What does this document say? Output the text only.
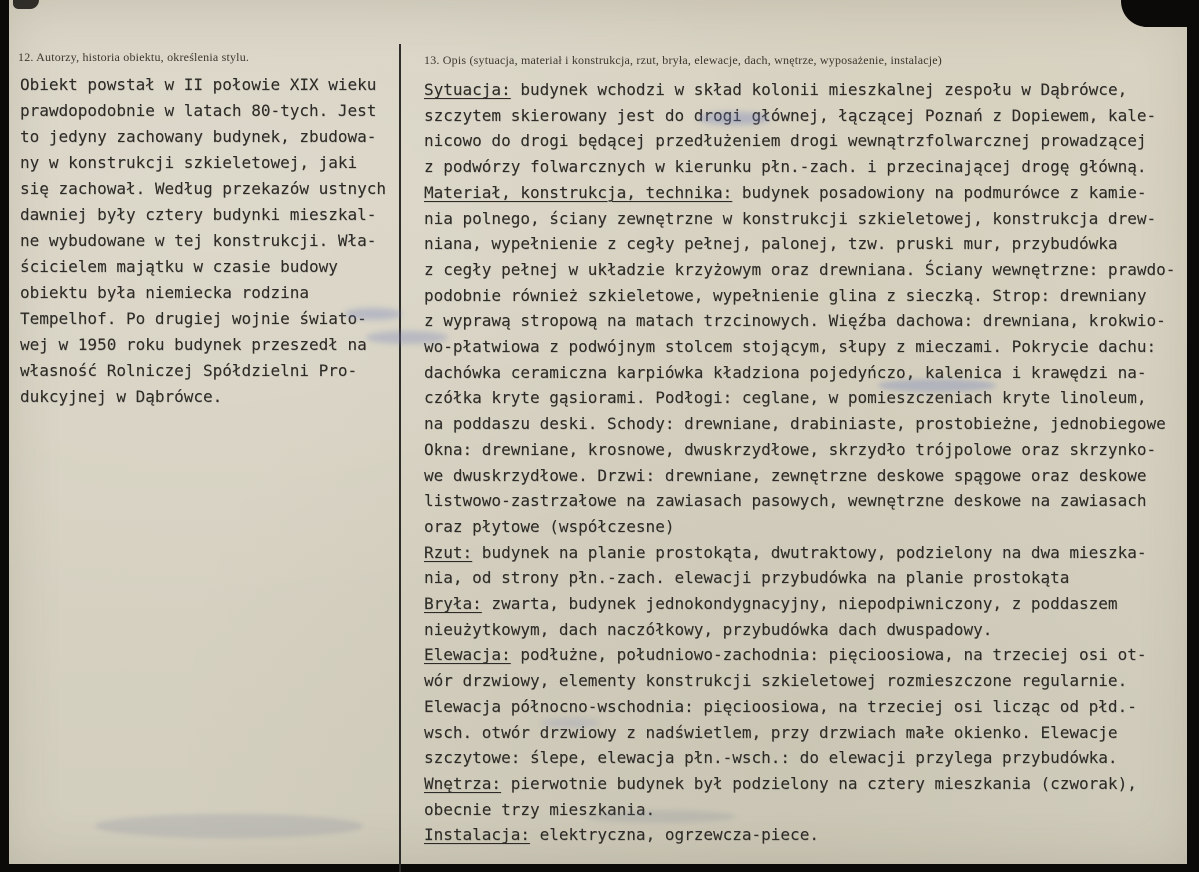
12. Autorzy, historia obiektu, określenia stylu.
Obiekt powstał w II połowie XIX wieku
prawdopodobnie w latach 80-tych. Jest
to jedyny zachowany budynek, zbudowa-
ny w konstrukcji szkieletowej, jaki
się zachował. Według przekazów ustnych
dawniej były cztery budynki mieszkal-
ne wybudowane w tej konstrukcji. Wła-
ścicielem majątku w czasie budowy
obiektu była niemiecka rodzina
Tempelhof. Po drugiej wojnie świato-
wej w 1950 roku budynek przeszedł na
własność Rolniczej Spółdzielni Pro-
dukcyjnej w Dąbrówce.
13. Opis (sytuacja, materiał i konstrukcja, rzut, bryła, elewacje, dach, wnętrze, wyposażenie, instalacje)
Sytuacja: budynek wchodzi w skład kolonii mieszkalnej zespołu w Dąbrówce,
szczytem skierowany jest do drogi głównej, łączącej Poznań z Dopiewem, kale-
nicowo do drogi będącej przedłużeniem drogi wewnątrzfolwarcznej prowadzącej
z podwórzy folwarcznych w kierunku płn.-zach. i przecinającej drogę główną.
Materiał, konstrukcja, technika: budynek posadowiony na podmurówce z kamie-
nia polnego, ściany zewnętrzne w konstrukcji szkieletowej, konstrukcja drew-
niana, wypełnienie z cegły pełnej, palonej, tzw. pruski mur, przybudówka
z cegły pełnej w układzie krzyżowym oraz drewniana. Ściany wewnętrzne: prawdo-
podobnie również szkieletowe, wypełnienie glina z sieczką. Strop: drewniany
z wyprawą stropową na matach trzcinowych. Więźba dachowa: drewniana, krokwio-
wo-płatwiowa z podwójnym stolcem stojącym, słupy z mieczami. Pokrycie dachu:
dachówka ceramiczna karpiówka kładziona pojedyńczo, kalenica i krawędzi na-
czółka kryte gąsiorami. Podłogi: ceglane, w pomieszczeniach kryte linoleum,
na poddaszu deski. Schody: drewniane, drabiniaste, prostobieżne, jednobiegowe
Okna: drewniane, krosnowe, dwuskrzydłowe, skrzydło trójpolowe oraz skrzynko-
we dwuskrzydłowe. Drzwi: drewniane, zewnętrzne deskowe spągowe oraz deskowe
listwowo-zastrzałowe na zawiasach pasowych, wewnętrzne deskowe na zawiasach
oraz płytowe (współczesne)
Rzut: budynek na planie prostokąta, dwutraktowy, podzielony na dwa mieszka-
nia, od strony płn.-zach. elewacji przybudówka na planie prostokąta
Bryła: zwarta, budynek jednokondygnacyjny, niepodpiwniczony, z poddaszem
nieużytkowym, dach naczółkowy, przybudówka dach dwuspadowy.
Elewacja: podłużne, południowo-zachodnia: pięcioosiowa, na trzeciej osi ot-
wór drzwiowy, elementy konstrukcji szkieletowej rozmieszczone regularnie.
Elewacja północno-wschodnia: pięcioosiowa, na trzeciej osi licząc od płd.-
wsch. otwór drzwiowy z nadświetlem, przy drzwiach małe okienko. Elewacje
szczytowe: ślepe, elewacja płn.-wsch.: do elewacji przylega przybudówka.
Wnętrza: pierwotnie budynek był podzielony na cztery mieszkania (czworak),
obecnie trzy mieszkania.
Instalacja: elektryczna, ogrzewcza-piece.
